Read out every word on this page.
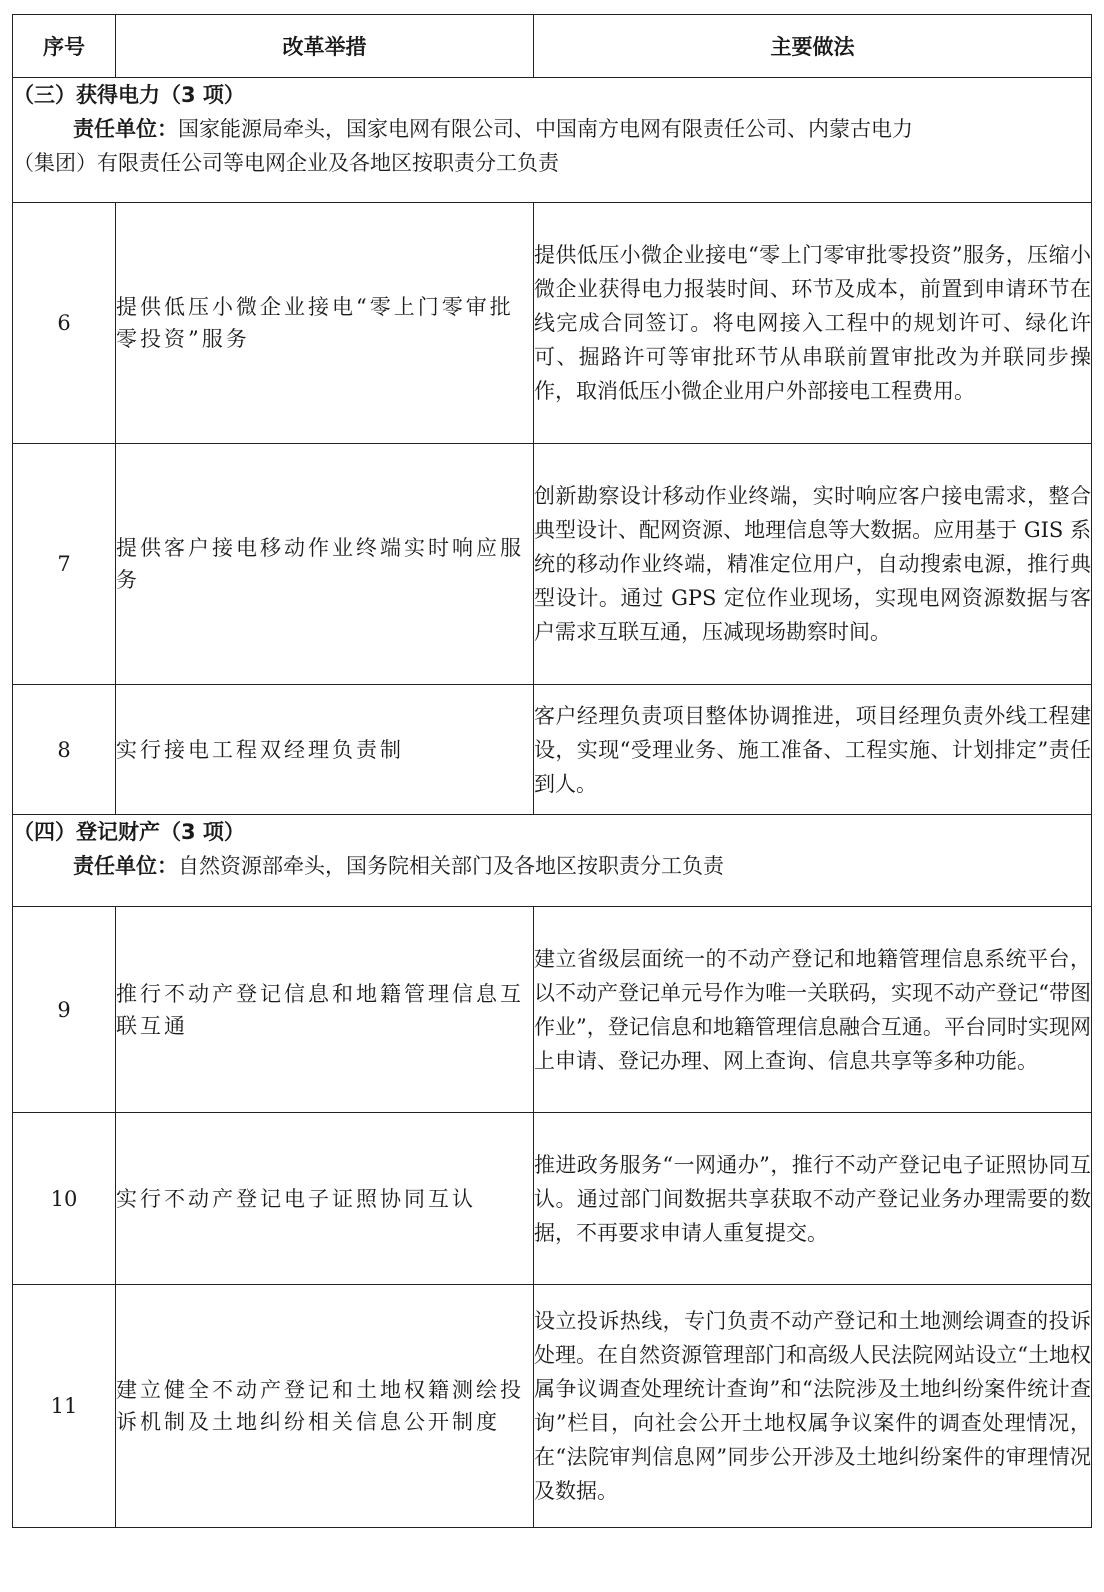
序号	改革举措	主要做法

（三）获得电力（3 项）
责任单位：国家能源局牵头，国家电网有限公司、中国南方电网有限责任公司、内蒙古电力
（集团）有限责任公司等电网企业及各地区按职责分工负责		

6	提供低压小微企业接电“零上门零审批零投资”服务	提供低压小微企业接电“零上门零审批零投资”服务，压缩小微企业获得电力报装时间、环节及成本，前置到申请环节在线完成合同签订。将电网接入工程中的规划许可、绿化许可、掘路许可等审批环节从串联前置审批改为并联同步操作，取消低压小微企业用户外部接电工程费用。
7	提供客户接电移动作业终端实时响应服务	创新勘察设计移动作业终端，实时响应客户接电需求，整合典型设计、配网资源、地理信息等大数据。应用基于 GIS 系统的移动作业终端，精准定位用户，自动搜索电源，推行典型设计。通过 GPS 定位作业现场，实现电网资源数据与客户需求互联互通，压减现场勘察时间。
8	实行接电工程双经理负责制	客户经理负责项目整体协调推进，项目经理负责外线工程建设，实现“受理业务、施工准备、工程实施、计划排定”责任到人。

（四）登记财产（3 项）
责任单位：自然资源部牵头，国务院相关部门及各地区按职责分工负责		

9	推行不动产登记信息和地籍管理信息互联互通	建立省级层面统一的不动产登记和地籍管理信息系统平台，以不动产登记单元号作为唯一关联码，实现不动产登记“带图作业”，登记信息和地籍管理信息融合互通。平台同时实现网上申请、登记办理、网上查询、信息共享等多种功能。
10	实行不动产登记电子证照协同互认	推进政务服务“一网通办”，推行不动产登记电子证照协同互认。通过部门间数据共享获取不动产登记业务办理需要的数据，不再要求申请人重复提交。
11	建立健全不动产登记和土地权籍测绘投诉机制及土地纠纷相关信息公开制度	设立投诉热线，专门负责不动产登记和土地测绘调查的投诉处理。在自然资源管理部门和高级人民法院网站设立“土地权属争议调查处理统计查询”和“法院涉及土地纠纷案件统计查询”栏目，向社会公开土地权属争议案件的调查处理情况，在“法院审判信息网”同步公开涉及土地纠纷案件的审理情况及数据。
